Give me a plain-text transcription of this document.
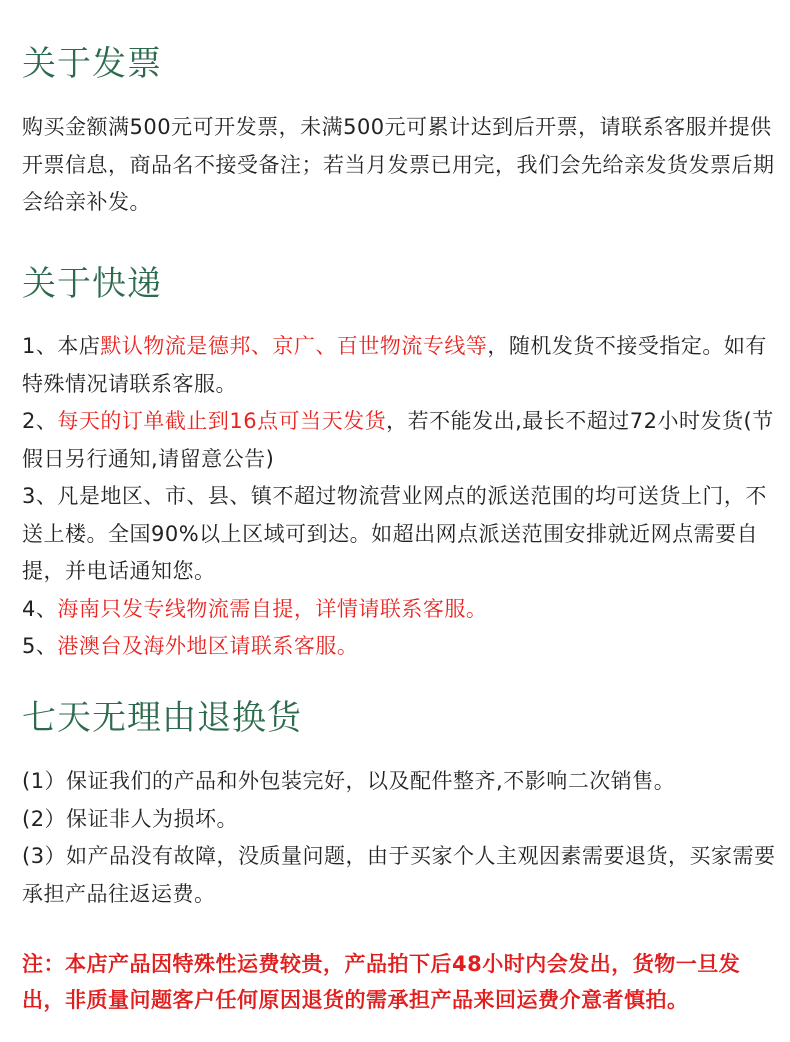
关于发票

购买金额满500元可开发票，未满500元可累计达到后开票，请联系客服并提供开票信息，商品名不接受备注；若当月发票已用完，我们会先给亲发货发票后期会给亲补发。

关于快递

1、本店默认物流是德邦、京广、百世物流专线等，随机发货不接受指定。如有特殊情况请联系客服。

2、每天的订单截止到16点可当天发货，若不能发出,最长不超过72小时发货(节假日另行通知,请留意公告)

3、凡是地区、市、县、镇不超过物流营业网点的派送范围的均可送货上门，不送上楼。全国90%以上区域可到达。如超出网点派送范围安排就近网点需要自提，并电话通知您。

4、海南只发专线物流需自提，详情请联系客服。

5、港澳台及海外地区请联系客服。

七天无理由退换货

(1）保证我们的产品和外包装完好，以及配件整齐,不影响二次销售。

(2）保证非人为损坏。

(3）如产品没有故障，没质量问题，由于买家个人主观因素需要退货，买家需要承担产品往返运费。

注：本店产品因特殊性运费较贵，产品拍下后48小时内会发出，货物一旦发出，非质量问题客户任何原因退货的需承担产品来回运费介意者慎拍。
